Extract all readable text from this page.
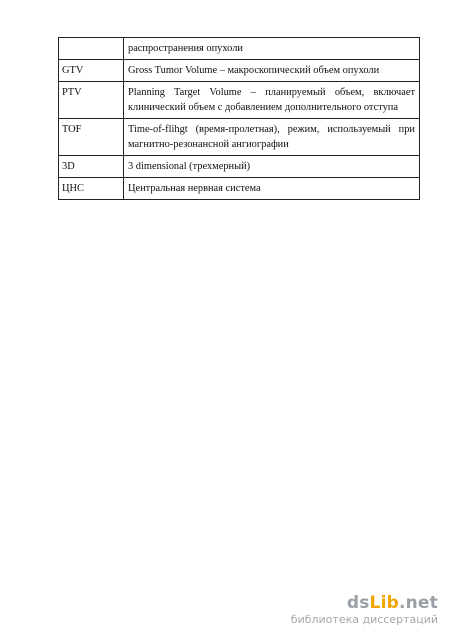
	распространения опухоли
GTV	Gross Tumor Volume – макроскопический объем опухоли
PTV	Planning Target Volume – планируемый объем, включает клинический объем с добавлением дополнительного отступа
TOF	Time-of-flihgt (время-пролетная), режим, используемый при магнитно-резонансной ангиографии
3D	3 dimensional (трехмерный)
ЦНС	Центральная нервная система
dsLib.net
библиотека диссертаций
